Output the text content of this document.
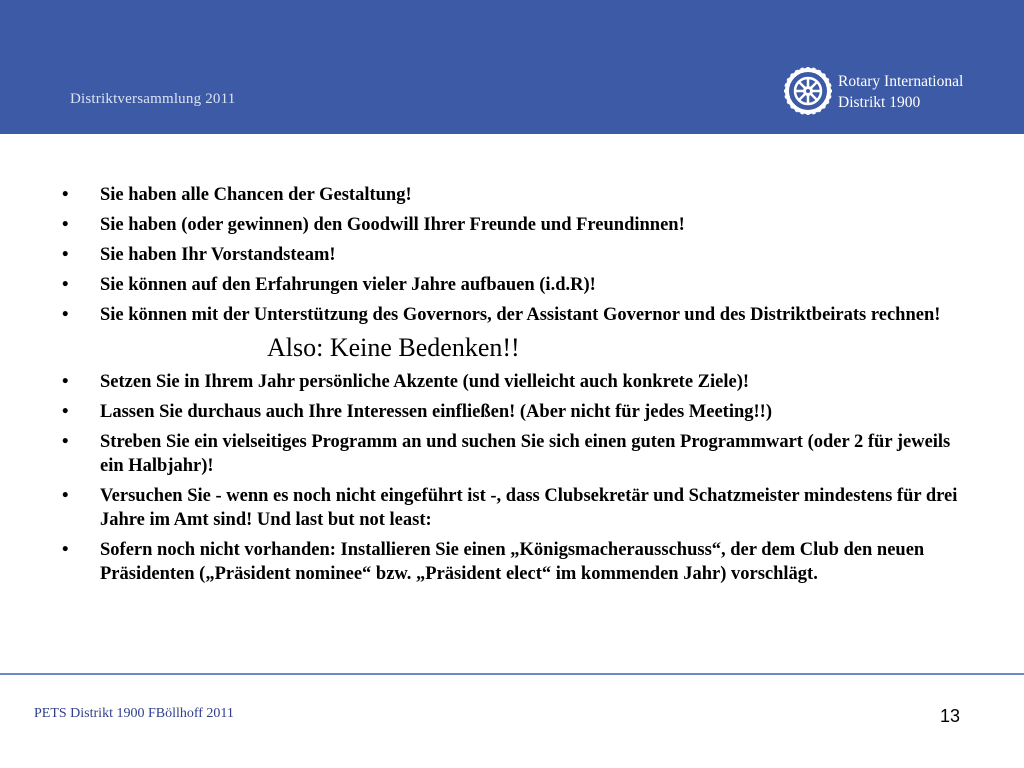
Distriktversammlung 2011
Rotary International
Distrikt 1900
• Sie haben alle Chancen der Gestaltung!
• Sie haben (oder gewinnen) den Goodwill Ihrer Freunde und Freundinnen!
• Sie haben Ihr Vorstandsteam!
• Sie können auf den Erfahrungen vieler Jahre aufbauen (i.d.R)!
• Sie können mit der Unterstützung des Governors, der Assistant Governor und des Distriktbeirats rechnen!
Also: Keine Bedenken!!
• Setzen Sie in Ihrem Jahr persönliche Akzente (und vielleicht auch konkrete Ziele)!
• Lassen Sie durchaus auch Ihre Interessen einfließen! (Aber nicht für jedes Meeting!!)
• Streben Sie ein vielseitiges Programm an und suchen Sie sich einen guten Programmwart (oder 2 für jeweils ein Halbjahr)!
• Versuchen Sie - wenn es noch nicht eingeführt ist -, dass Clubsekretär und Schatzmeister mindestens für drei Jahre im Amt sind! Und last but not least:
• Sofern noch nicht vorhanden: Installieren Sie einen „Königsmacherausschuss“, der dem Club den neuen Präsidenten („Präsident nominee“ bzw. „Präsident elect“ im kommenden Jahr) vorschlägt.
PETS Distrikt 1900 FBöllhoff 2011	13
